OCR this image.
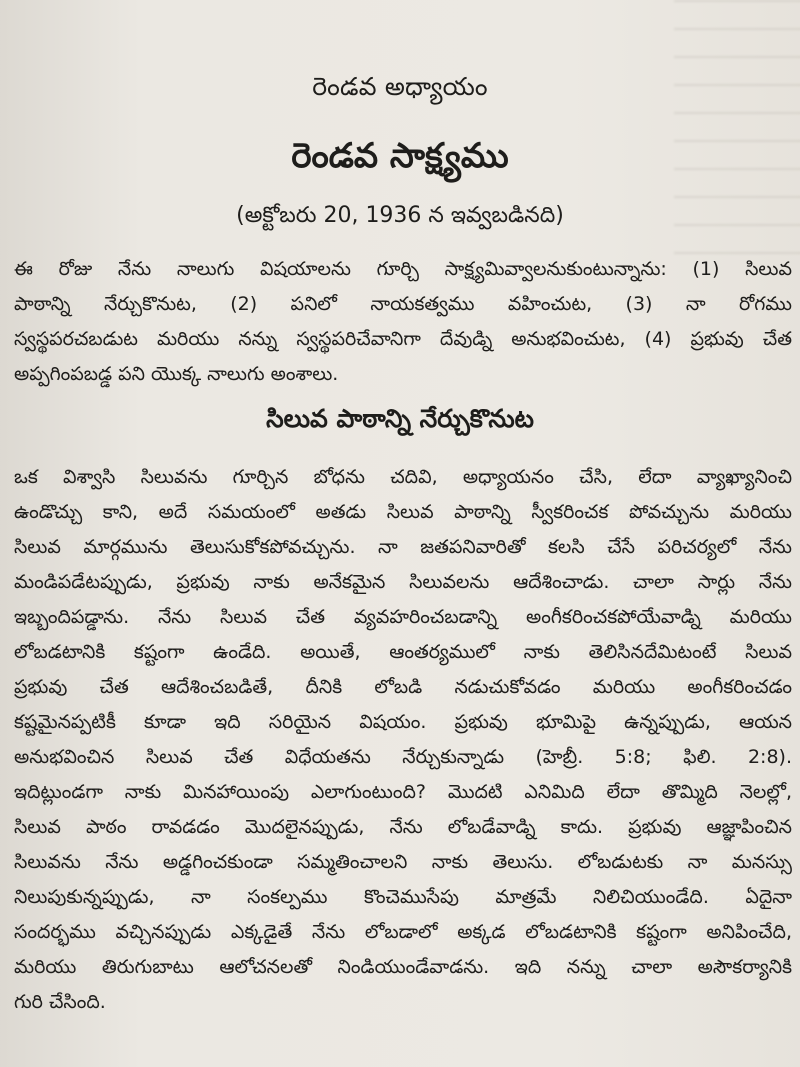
రెండవ అధ్యాయం
రెండవ సాక్ష్యము
(అక్టోబరు 20, 1936 న ఇవ్వబడినది)
ఈ రోజు నేను నాలుగు విషయాలను గూర్చి సాక్ష్యమివ్వాలనుకుంటున్నాను: (1) సిలువ
పాఠాన్ని నేర్చుకొనుట, (2) పనిలో నాయకత్వము వహించుట, (3) నా రోగము
స్వస్థపరచబడుట మరియు నన్ను స్వస్థపరిచేవానిగా దేవుడ్ని అనుభవించుట, (4) ప్రభువు చేత
అప్పగింపబడ్డ పని యొక్క నాలుగు అంశాలు.
సిలువ పాఠాన్ని నేర్చుకొనుట
ఒక విశ్వాసి సిలువను గూర్చిన బోధను చదివి, అధ్యాయనం చేసి, లేదా వ్యాఖ్యానించి
ఉండొచ్చు కాని, అదే సమయంలో అతడు సిలువ పాఠాన్ని స్వీకరించక పోవచ్చును మరియు
సిలువ మార్గమును తెలుసుకోకపోవచ్చును. నా జతపనివారితో కలసి చేసే పరిచర్యలో నేను
మండిపడేటప్పుడు, ప్రభువు నాకు అనేకమైన సిలువలను ఆదేశించాడు. చాలా సార్లు నేను
ఇబ్బందిపడ్డాను. నేను సిలువ చేత వ్యవహరించబడాన్ని అంగీకరించకపోయేవాడ్ని మరియు
లోబడటానికి కష్టంగా ఉండేది. అయితే, ఆంతర్యములో నాకు తెలిసినదేమిటంటే సిలువ
ప్రభువు చేత ఆదేశించబడితే, దీనికి లోబడి నడుచుకోవడం మరియు అంగీకరించడం
కష్టమైనప్పటికీ కూడా ఇది సరియైన విషయం. ప్రభువు భూమిపై ఉన్నప్పుడు, ఆయన
అనుభవించిన సిలువ చేత విధేయతను నేర్చుకున్నాడు (హెబ్రీ. 5:8; ఫిలి. 2:8).
ఇదిట్లుండగా నాకు మినహాయింపు ఎలాగుంటుంది? మొదటి ఎనిమిది లేదా తొమ్మిది నెలల్లో,
సిలువ పాఠం రావడడం మొదలైనప్పుడు, నేను లోబడేవాడ్ని కాదు. ప్రభువు ఆజ్ఞాపించిన
సిలువను నేను అడ్డగించకుండా సమ్మతించాలని నాకు తెలుసు. లోబడుటకు నా మనస్సు
నిలుపుకున్నప్పుడు, నా సంకల్పము కొంచెముసేపు మాత్రమే నిలిచియుండేది. ఏదైనా
సందర్భము వచ్చినప్పుడు ఎక్కడైతే నేను లోబడాలో అక్కడ లోబడటానికి కష్టంగా అనిపించేది,
మరియు తిరుగుబాటు ఆలోచనలతో నిండియుండేవాడను. ఇది నన్ను చాలా అసౌకర్యానికి
గురి చేసింది.
